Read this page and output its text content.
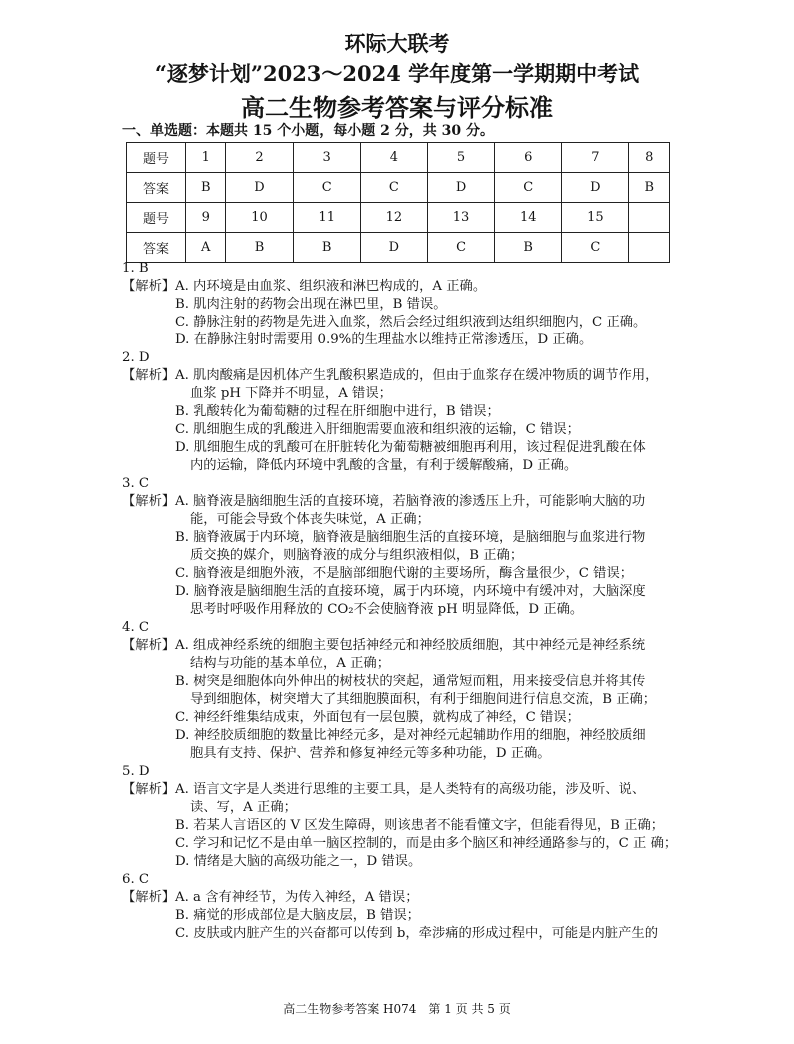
环际大联考
“逐梦计划”2023～2024 学年度第一学期期中考试
高二生物参考答案与评分标准
一、单选题：本题共 15 个小题，每小题 2 分，共 30 分。
题号	1	2	3	4	5	6	7	8
答案	B	D	C	C	D	C	D	B
题号	9	10	11	12	13	14	15	
答案	A	B	B	D	C	B	C	
1. B
【解析】 A. 内环境是由血浆、组织液和淋巴构成的，A 正确。
B. 肌肉注射的药物会出现在淋巴里，B 错误。
C. 静脉注射的药物是先进入血浆，然后会经过组织液到达组织细胞内，C 正确。
D. 在静脉注射时需要用 0.9%的生理盐水以维持正常渗透压，D 正确。
2. D
【解析】 A. 肌肉酸痛是因机体产生乳酸积累造成的，但由于血浆存在缓冲物质的调节作用，
血浆 pH 下降并不明显，A 错误；
B. 乳酸转化为葡萄糖的过程在肝细胞中进行，B 错误；
C. 肌细胞生成的乳酸进入肝细胞需要血液和组织液的运输，C 错误；
D. 肌细胞生成的乳酸可在肝脏转化为葡萄糖被细胞再利用，该过程促进乳酸在体
内的运输，降低内环境中乳酸的含量，有利于缓解酸痛，D 正确。
3. C
【解析】 A. 脑脊液是脑细胞生活的直接环境，若脑脊液的渗透压上升，可能影响大脑的功
能，可能会导致个体丧失味觉，A 正确；
B. 脑脊液属于内环境，脑脊液是脑细胞生活的直接环境，是脑细胞与血浆进行物
质交换的媒介，则脑脊液的成分与组织液相似，B 正确；
C. 脑脊液是细胞外液，不是脑部细胞代谢的主要场所，酶含量很少，C 错误；
D. 脑脊液是脑细胞生活的直接环境，属于内环境，内环境中有缓冲对，大脑深度
思考时呼吸作用释放的 CO₂不会使脑脊液 pH 明显降低，D 正确。
4. C
【解析】 A. 组成神经系统的细胞主要包括神经元和神经胶质细胞，其中神经元是神经系统
结构与功能的基本单位，A 正确；
B. 树突是细胞体向外伸出的树枝状的突起，通常短而粗，用来接受信息并将其传
导到细胞体，树突增大了其细胞膜面积，有利于细胞间进行信息交流，B 正确；
C. 神经纤维集结成束，外面包有一层包膜，就构成了神经，C 错误；
D. 神经胶质细胞的数量比神经元多，是对神经元起辅助作用的细胞，神经胶质细
胞具有支持、保护、营养和修复神经元等多种功能，D 正确。
5. D
【解析】 A. 语言文字是人类进行思维的主要工具，是人类特有的高级功能，涉及听、说、
读、写，A 正确；
B. 若某人言语区的 V 区发生障碍，则该患者不能看懂文字，但能看得见，B 正确；
C. 学习和记忆不是由单一脑区控制的，而是由多个脑区和神经通路参与的，C 正 确；
D. 情绪是大脑的高级功能之一，D 错误。
6. C
【解析】 A. a 含有神经节，为传入神经，A 错误；
B. 痛觉的形成部位是大脑皮层，B 错误；
C. 皮肤或内脏产生的兴奋都可以传到 b，牵涉痛的形成过程中，可能是内脏产生的
高二生物参考答案 H074　第 1 页 共 5 页
